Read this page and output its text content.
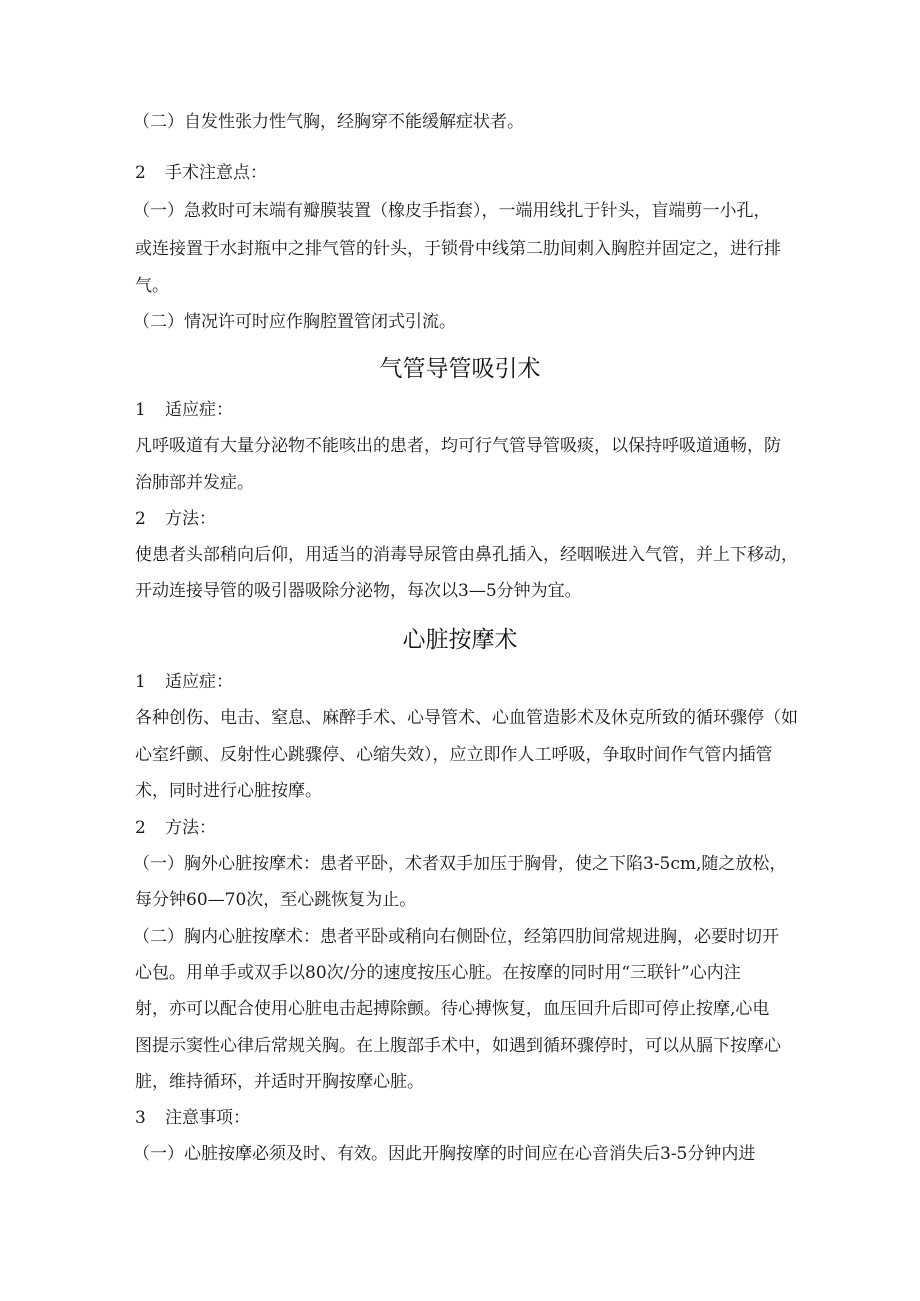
（二）自发性张力性气胸，经胸穿不能缓解症状者。
2 手术注意点：
（一）急救时可末端有瓣膜装置（橡皮手指套），一端用线扎于针头，盲端剪一小孔，
或连接置于水封瓶中之排气管的针头，于锁骨中线第二肋间刺入胸腔并固定之，进行排
气。
（二）情况许可时应作胸腔置管闭式引流。
气管导管吸引术
1 适应症：
凡呼吸道有大量分泌物不能咳出的患者，均可行气管导管吸痰，以保持呼吸道通畅，防
治肺部并发症。
2 方法：
使患者头部稍向后仰，用适当的消毒导尿管由鼻孔插入，经咽喉进入气管，并上下移动，
开动连接导管的吸引器吸除分泌物，每次以3—5分钟为宜。
心脏按摩术
1 适应症：
各种创伤、电击、窒息、麻醉手术、心导管术、心血管造影术及休克所致的循环骤停（如
心室纤颤、反射性心跳骤停、心缩失效），应立即作人工呼吸，争取时间作气管内插管
术，同时进行心脏按摩。
2 方法：
（一）胸外心脏按摩术：患者平卧，术者双手加压于胸骨，使之下陷3-5cm,随之放松，
每分钟60—70次，至心跳恢复为止。
（二）胸内心脏按摩术：患者平卧或稍向右侧卧位，经第四肋间常规进胸，必要时切开
心包。用单手或双手以80次/分的速度按压心脏。在按摩的同时用“三联针”心内注
射，亦可以配合使用心脏电击起搏除颤。待心搏恢复，血压回升后即可停止按摩,心电
图提示窦性心律后常规关胸。在上腹部手术中，如遇到循环骤停时，可以从膈下按摩心
脏，维持循环，并适时开胸按摩心脏。
3 注意事项：
（一）心脏按摩必须及时、有效。因此开胸按摩的时间应在心音消失后3-5分钟内进
